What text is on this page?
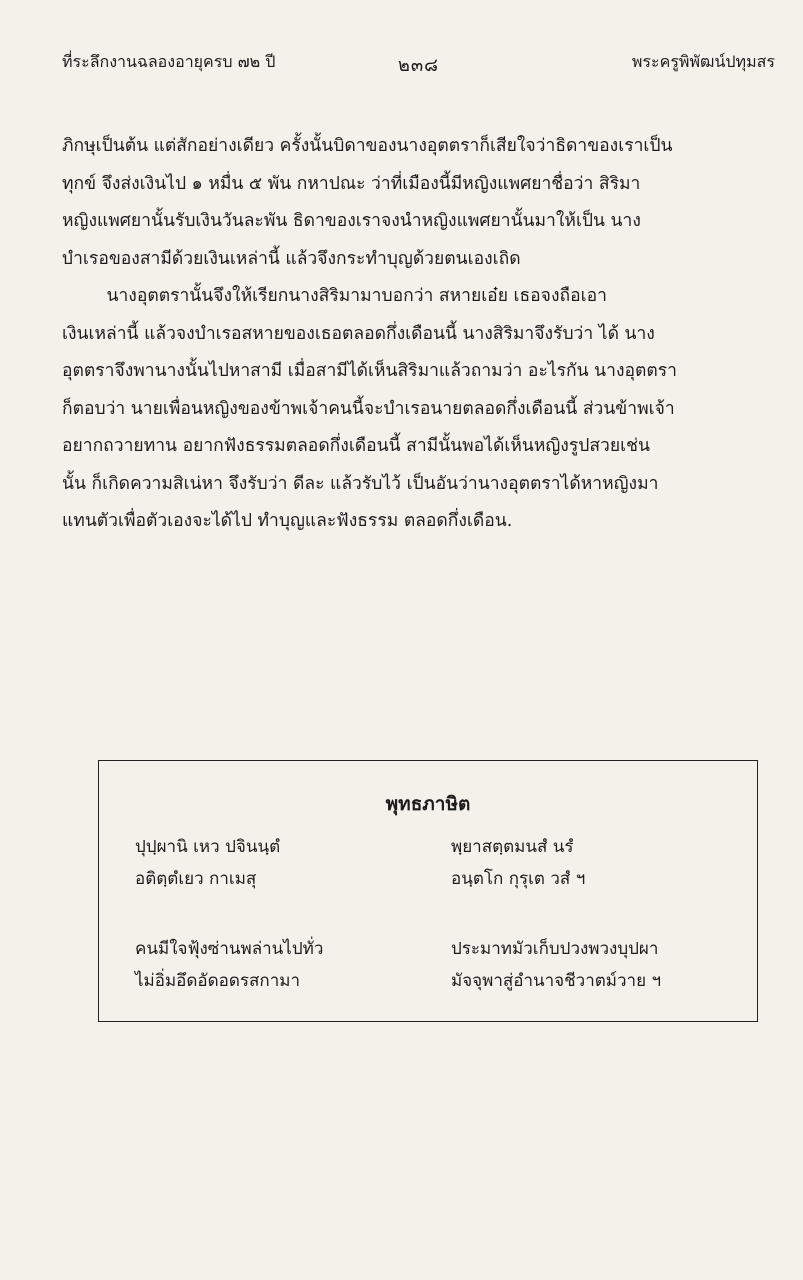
ที่ระลึกงานฉลองอายุครบ ๗๒ ปี	๒๓๘	พระครูพิพัฒน์ปทุมสร
ภิกษุเป็นต้น แต่สักอย่างเดียว ครั้งนั้นบิดาของนางอุตตราก็เสียใจว่าธิดาของเราเป็น
ทุกข์ จึงส่งเงินไป ๑ หมื่น ๕ พัน กหาปณะ ว่าที่เมืองนี้มีหญิงแพศยาชื่อว่า สิริมา
หญิงแพศยานั้นรับเงินวันละพัน ธิดาของเราจงนำหญิงแพศยานั้นมาให้เป็น นาง
บำเรอของสามีด้วยเงินเหล่านี้ แล้วจึงกระทำบุญด้วยตนเองเถิด
นางอุตตรานั้นจึงให้เรียกนางสิริมามาบอกว่า สหายเอ๋ย เธอจงถือเอา
เงินเหล่านี้ แล้วจงบำเรอสหายของเธอตลอดกึ่งเดือนนี้ นางสิริมาจึงรับว่า ได้ นาง
อุตตราจึงพานางนั้นไปหาสามี เมื่อสามีได้เห็นสิริมาแล้วถามว่า อะไรกัน นางอุตตรา
ก็ตอบว่า นายเพื่อนหญิงของข้าพเจ้าคนนี้จะบำเรอนายตลอดกึ่งเดือนนี้ ส่วนข้าพเจ้า
อยากถวายทาน อยากฟังธรรมตลอดกึ่งเดือนนี้ สามีนั้นพอได้เห็นหญิงรูปสวยเช่น
นั้น ก็เกิดความสิเน่หา จึงรับว่า ดีละ แล้วรับไว้ เป็นอันว่านางอุตตราได้หาหญิงมา
แทนตัวเพื่อตัวเองจะได้ไป ทำบุญและฟังธรรม ตลอดกึ่งเดือน.
พุทธภาษิต
ปุปฺผานิ เหว ปจินนฺตํ	พฺยาสตฺตมนสํ นรํ
อติตฺตํเยว กาเมสุ	อนฺตโก กุรุเต วสํ ฯ
คนมีใจฟุ้งซ่านพล่านไปทั่ว	ประมาทมัวเก็บปวงพวงบุปผา
ไม่อิ่มอึดอัดอดรสกามา	มัจจุพาสู่อำนาจชีวาตม์วาย ฯ
